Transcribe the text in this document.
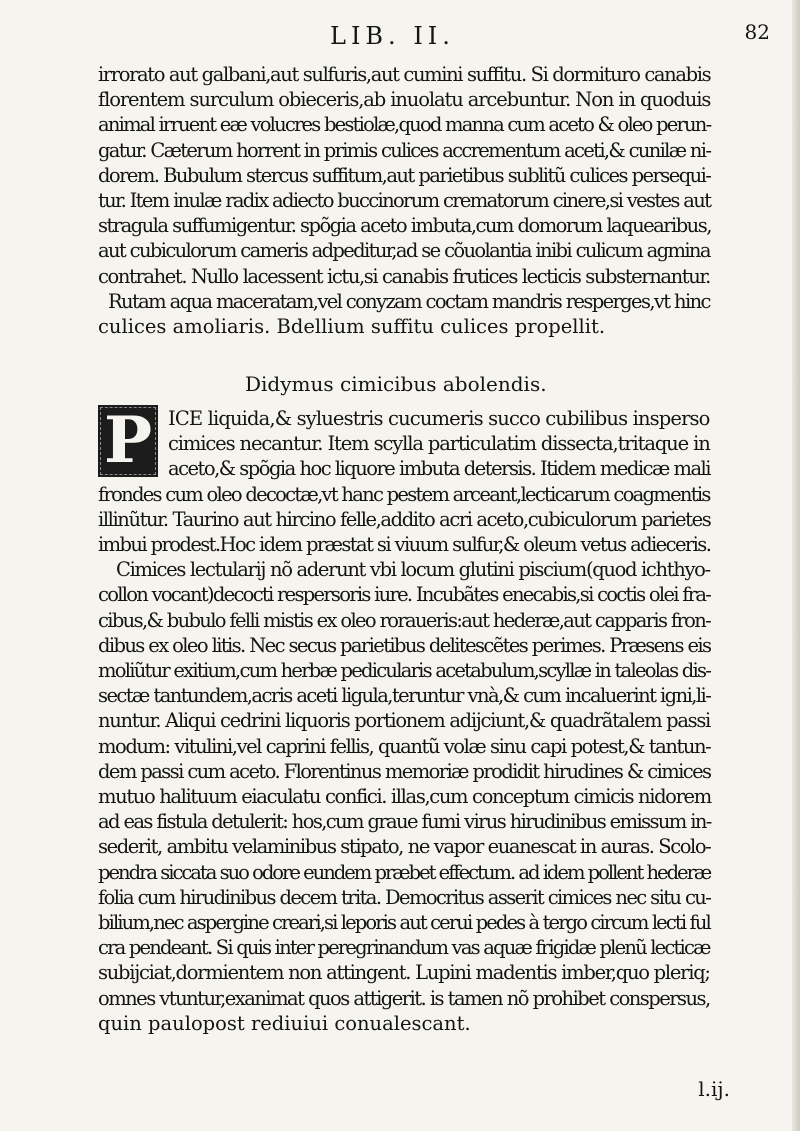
LIB. II.	82
irrorato aut galbani,aut sulfuris,aut cumini suffitu. Si dormituro canabis
florentem surculum obieceris,ab inuolatu arcebuntur. Non in quoduis
animal irruent eæ volucres bestiolæ,quod manna cum aceto & oleo perun-
gatur. Cæterum horrent in primis culices accrementum aceti,& cunilæ ni-
dorem. Bubulum stercus suffitum,aut parietibus sublitũ culices persequi-
tur. Item inulæ radix adiecto buccinorum crematorum cinere,si vestes aut
stragula suffumigentur. spõgia aceto imbuta,cum domorum laquearibus,
aut cubiculorum cameris adpeditur,ad se cõuolantia inibi culicum agmina
contrahet. Nullo lacessent ictu,si canabis frutices lecticis substernantur.
Rutam aqua maceratam,vel conyzam coctam mandris resperges,vt hinc
culices amoliaris. Bdellium suffitu culices propellit.
Didymus cimicibus abolendis.
P ICE liquida,& syluestris cucumeris succo cubilibus insperso
cimices necantur. Item scylla particulatim dissecta,tritaque in
aceto,& spõgia hoc liquore imbuta detersis. Itidem medicæ mali
frondes cum oleo decoctæ,vt hanc pestem arceant,lecticarum coagmentis
illinũtur. Taurino aut hircino felle,addito acri aceto,cubiculorum parietes
imbui prodest.Hoc idem præstat si viuum sulfur,& oleum vetus adieceris.
Cimices lectularij nõ aderunt vbi locum glutini piscium(quod ichthyo-
collon vocant)decocti respersoris iure. Incubãtes enecabis,si coctis olei fra-
cibus,& bubulo felli mistis ex oleo roraueris:aut hederæ,aut capparis fron-
dibus ex oleo litis. Nec secus parietibus delitescẽtes perimes. Præsens eis
moliũtur exitium,cum herbæ pedicularis acetabulum,scyllæ in taleolas dis-
sectæ tantundem,acris aceti ligula,teruntur vnà,& cum incaluerint igni,li-
nuntur. Aliqui cedrini liquoris portionem adijciunt,& quadrãtalem passi
modum: vitulini,vel caprini fellis, quantũ volæ sinu capi potest,& tantun-
dem passi cum aceto. Florentinus memoriæ prodidit hirudines & cimices
mutuo halituum eiaculatu confici. illas,cum conceptum cimicis nidorem
ad eas fistula detulerit: hos,cum graue fumi virus hirudinibus emissum in-
sederit, ambitu velaminibus stipato, ne vapor euanescat in auras. Scolo-
pendra siccata suo odore eundem præbet effectum. ad idem pollent hederæ
folia cum hirudinibus decem trita. Democritus asserit cimices nec situ cu-
bilium,nec aspergine creari,si leporis aut cerui pedes à tergo circum lecti ful
cra pendeant. Si quis inter peregrinandum vas aquæ frigidæ plenũ lecticæ
subijciat,dormientem non attingent. Lupini madentis imber,quo pleriq;
omnes vtuntur,exanimat quos attigerit. is tamen nõ prohibet conspersus,
quin paulopost rediuiui conualescant.
l.ij.
